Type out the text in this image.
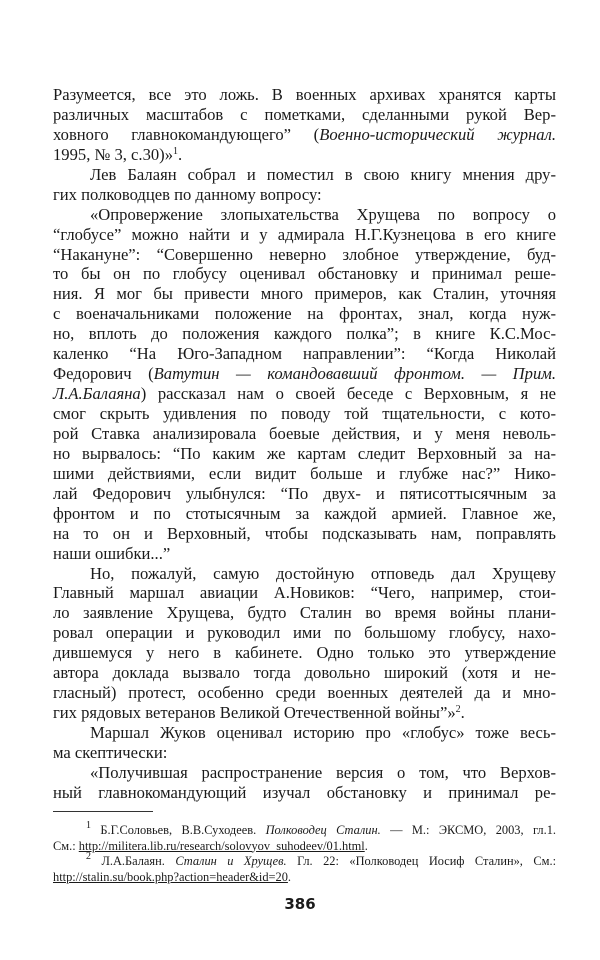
Разумеется, все это ложь. В военных архивах хранятся карты
различных масштабов с пометками, сделанными рукой Вер-
ховного главнокомандующего” (Военно-исторический журнал.
1995, № 3, с.30)»$^1$.
Лев Балаян собрал и поместил в свою книгу мнения дру-
гих полководцев по данному вопросу:
«Опровержение злопыхательства Хрущева по вопросу о
“глобусе” можно найти и у адмирала Н.Г.Кузнецова в его книге
“Накануне”: “Совершенно неверно злобное утверждение, буд-
то бы он по глобусу оценивал обстановку и принимал реше-
ния. Я мог бы привести много примеров, как Сталин, уточняя
с военачальниками положение на фронтах, знал, когда нуж-
но, вплоть до положения каждого полка”; в книге К.С.Мос-
каленко “На Юго-Западном направлении”: “Когда Николай
Федорович (Ватутин — командовавший фронтом. — Прим.
Л.А.Балаяна) рассказал нам о своей беседе с Верховным, я не
смог скрыть удивления по поводу той тщательности, с кото-
рой Ставка анализировала боевые действия, и у меня неволь-
но вырвалось: “По каким же картам следит Верховный за на-
шими действиями, если видит больше и глубже нас?” Нико-
лай Федорович улыбнулся: “По двух- и пятисоттысячным за
фронтом и по стотысячным за каждой армией. Главное же,
на то он и Верховный, чтобы подсказывать нам, поправлять
наши ошибки...”
Но, пожалуй, самую достойную отповедь дал Хрущеву
Главный маршал авиации А.Новиков: “Чего, например, стои-
ло заявление Хрущева, будто Сталин во время войны плани-
ровал операции и руководил ими по большому глобусу, нахо-
дившемуся у него в кабинете. Одно только это утверждение
автора доклада вызвало тогда довольно широкий (хотя и не-
гласный) протест, особенно среди военных деятелей да и мно-
гих рядовых ветеранов Великой Отечественной войны”»$^2$.
Маршал Жуков оценивал историю про «глобус» тоже весь-
ма скептически:
«Получившая распространение версия о том, что Верхов-
ный главнокомандующий изучал обстановку и принимал ре-
$^1$ Б.Г.Соловьев, В.В.Суходеев. Полководец Сталин. — М.: ЭКСМО, 2003, гл.1.
См.: http://militera.lib.ru/research/solovyov_suhodeev/01.html.
$^2$ Л.А.Балаян. Сталин и Хрущев. Гл. 22: «Полководец Иосиф Сталин», См.:
http://stalin.su/book.php?action=header&id=20.
386
